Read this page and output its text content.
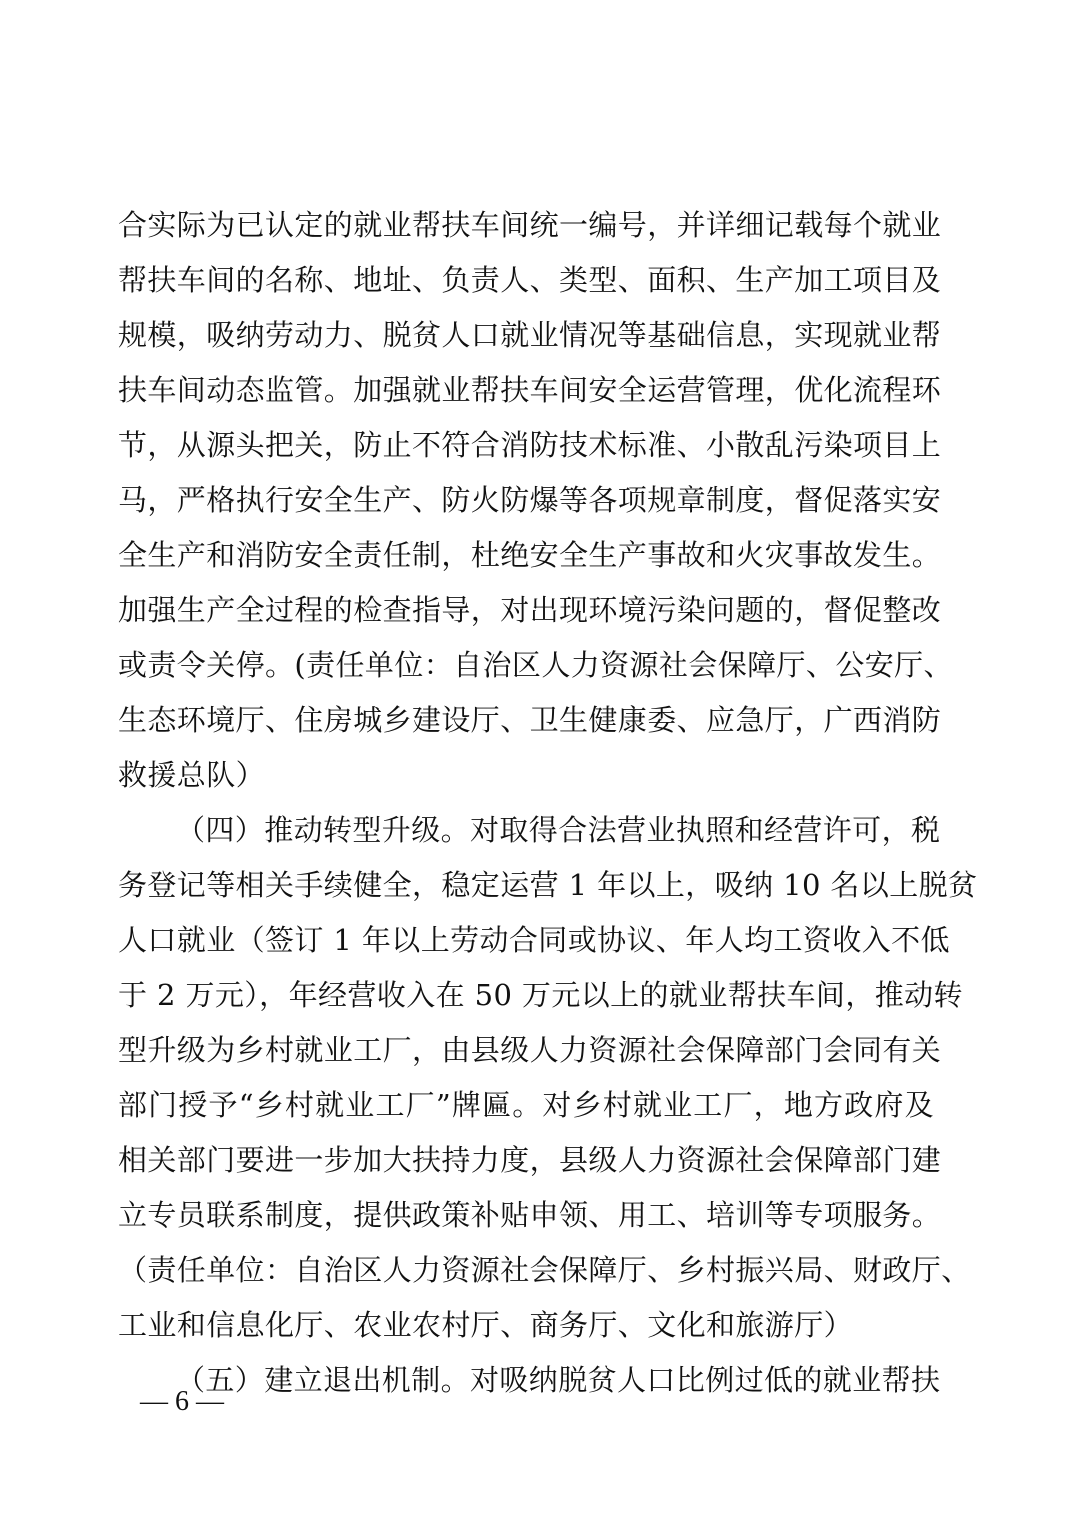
合实际为已认定的就业帮扶车间统一编号，并详细记载每个就业
帮扶车间的名称、地址、负责人、类型、面积、生产加工项目及
规模，吸纳劳动力、脱贫人口就业情况等基础信息，实现就业帮
扶车间动态监管。加强就业帮扶车间安全运营管理，优化流程环
节，从源头把关，防止不符合消防技术标准、小散乱污染项目上
马，严格执行安全生产、防火防爆等各项规章制度，督促落实安
全生产和消防安全责任制，杜绝安全生产事故和火灾事故发生。
加强生产全过程的检查指导，对出现环境污染问题的，督促整改
或责令关停。(责任单位：自治区人力资源社会保障厅、公安厅、
生态环境厅、住房城乡建设厅、卫生健康委、应急厅，广西消防
救援总队）
（四）推动转型升级。对取得合法营业执照和经营许可，税
务登记等相关手续健全，稳定运营 1 年以上，吸纳 10 名以上脱贫
人口就业（签订 1 年以上劳动合同或协议、年人均工资收入不低
于 2 万元），年经营收入在 50 万元以上的就业帮扶车间，推动转
型升级为乡村就业工厂，由县级人力资源社会保障部门会同有关
部门授予“乡村就业工厂”牌匾。对乡村就业工厂，地方政府及
相关部门要进一步加大扶持力度，县级人力资源社会保障部门建
立专员联系制度，提供政策补贴申领、用工、培训等专项服务。
（责任单位：自治区人力资源社会保障厅、乡村振兴局、财政厅、
工业和信息化厅、农业农村厅、商务厅、文化和旅游厅）
（五）建立退出机制。对吸纳脱贫人口比例过低的就业帮扶
— 6 —
